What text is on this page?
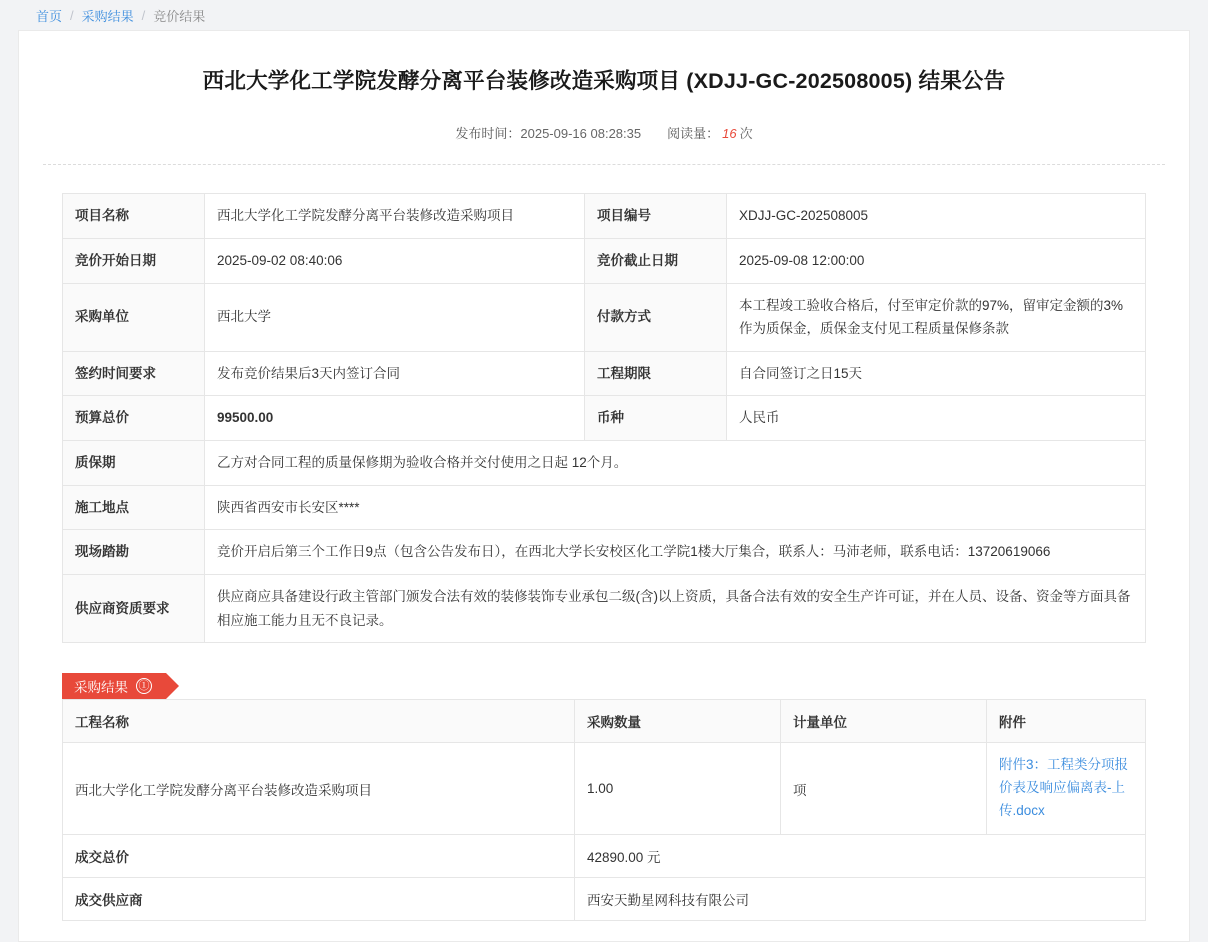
首页 / 采购结果 / 竞价结果
西北大学化工学院发酵分离平台装修改造采购项目 (XDJJ-GC-202508005) 结果公告
发布时间：2025-09-16 08:28:35 阅读量： 16 次
项目名称	西北大学化工学院发酵分离平台装修改造采购项目	项目编号	XDJJ-GC-202508005
竞价开始日期	2025-09-02 08:40:06	竞价截止日期	2025-09-08 12:00:00
采购单位	西北大学	付款方式	本工程竣工验收合格后，付至审定价款的97%，留审定金额的3%作为质保金，质保金支付见工程质量保修条款
签约时间要求	发布竞价结果后3天内签订合同	工程期限	自合同签订之日15天
预算总价	99500.00	币种	人民币
质保期	乙方对合同工程的质量保修期为验收合格并交付使用之日起 12个月。		
施工地点	陕西省西安市长安区****		
现场踏勘	竞价开启后第三个工作日9点（包含公告发布日），在西北大学长安校区化工学院1楼大厅集合，联系人：马沛老师，联系电话：13720619066		
供应商资质要求	供应商应具备建设行政主管部门颁发合法有效的装修装饰专业承包二级(含)以上资质，具备合法有效的安全生产许可证，并在人员、设备、资金等方面具备相应施工能力且无不良记录。		
采购结果 ①
工程名称	采购数量	计量单位	附件
西北大学化工学院发酵分离平台装修改造采购项目	1.00	项	附件3：工程类分项报价表及响应偏离表-上传.docx
成交总价	42890.00 元		
成交供应商	西安天勤星网科技有限公司		
